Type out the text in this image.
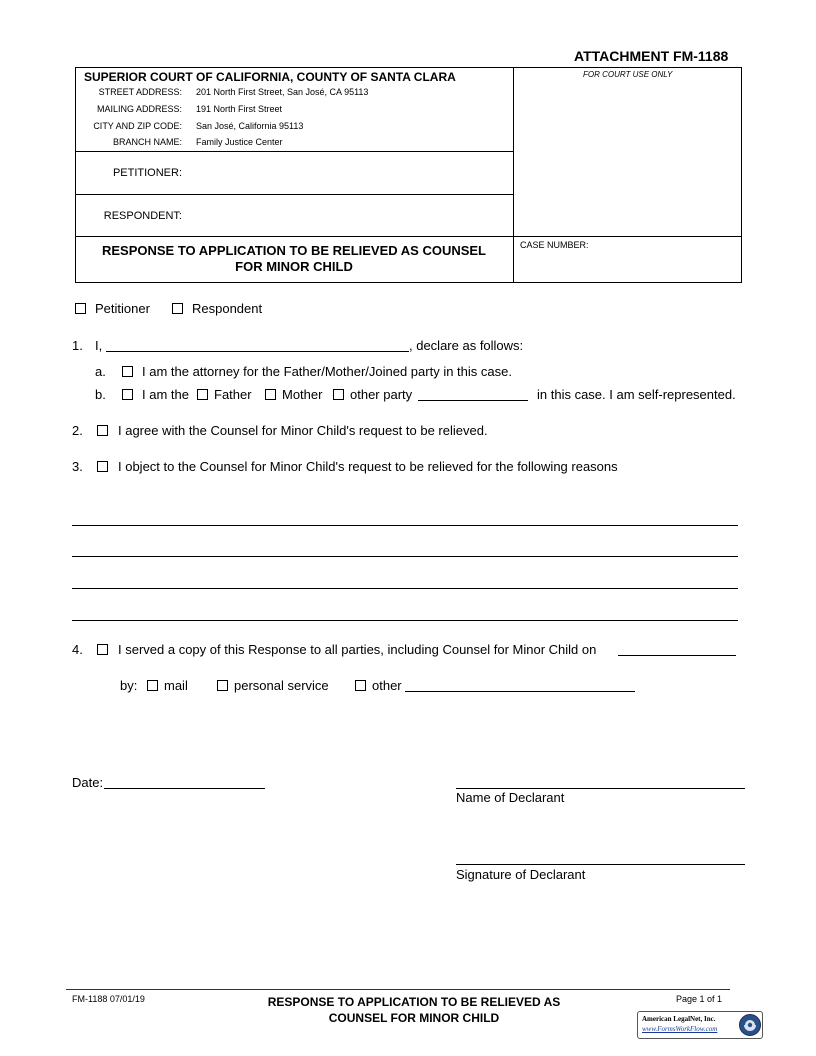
ATTACHMENT FM-1188
SUPERIOR COURT OF CALIFORNIA, COUNTY OF SANTA CLARA
STREET ADDRESS: 201 North First Street, San José, CA 95113
MAILING ADDRESS: 191 North First Street
CITY AND ZIP CODE: San José, California 95113
BRANCH NAME: Family Justice Center
FOR COURT USE ONLY
PETITIONER:
RESPONDENT:
RESPONSE TO APPLICATION TO BE RELIEVED AS COUNSEL
FOR MINOR CHILD
CASE NUMBER:
Petitioner	Respondent
1. I,	, declare as follows:
a.	I am the attorney for the Father/Mother/Joined party in this case.
b.	I am the Father Mother other party	in this case. I am self-represented.
2.	I agree with the Counsel for Minor Child's request to be relieved.
3.	I object to the Counsel for Minor Child's request to be relieved for the following reasons
4.	I served a copy of this Response to all parties, including Counsel for Minor Child on
by: mail	personal service	other
Date:
Name of Declarant
Signature of Declarant
FM-1188 07/01/19	RESPONSE TO APPLICATION TO BE RELIEVED AS
COUNSEL FOR MINOR CHILD
Page 1 of 1
American LegalNet, Inc.
www.FormsWorkFlow.com
